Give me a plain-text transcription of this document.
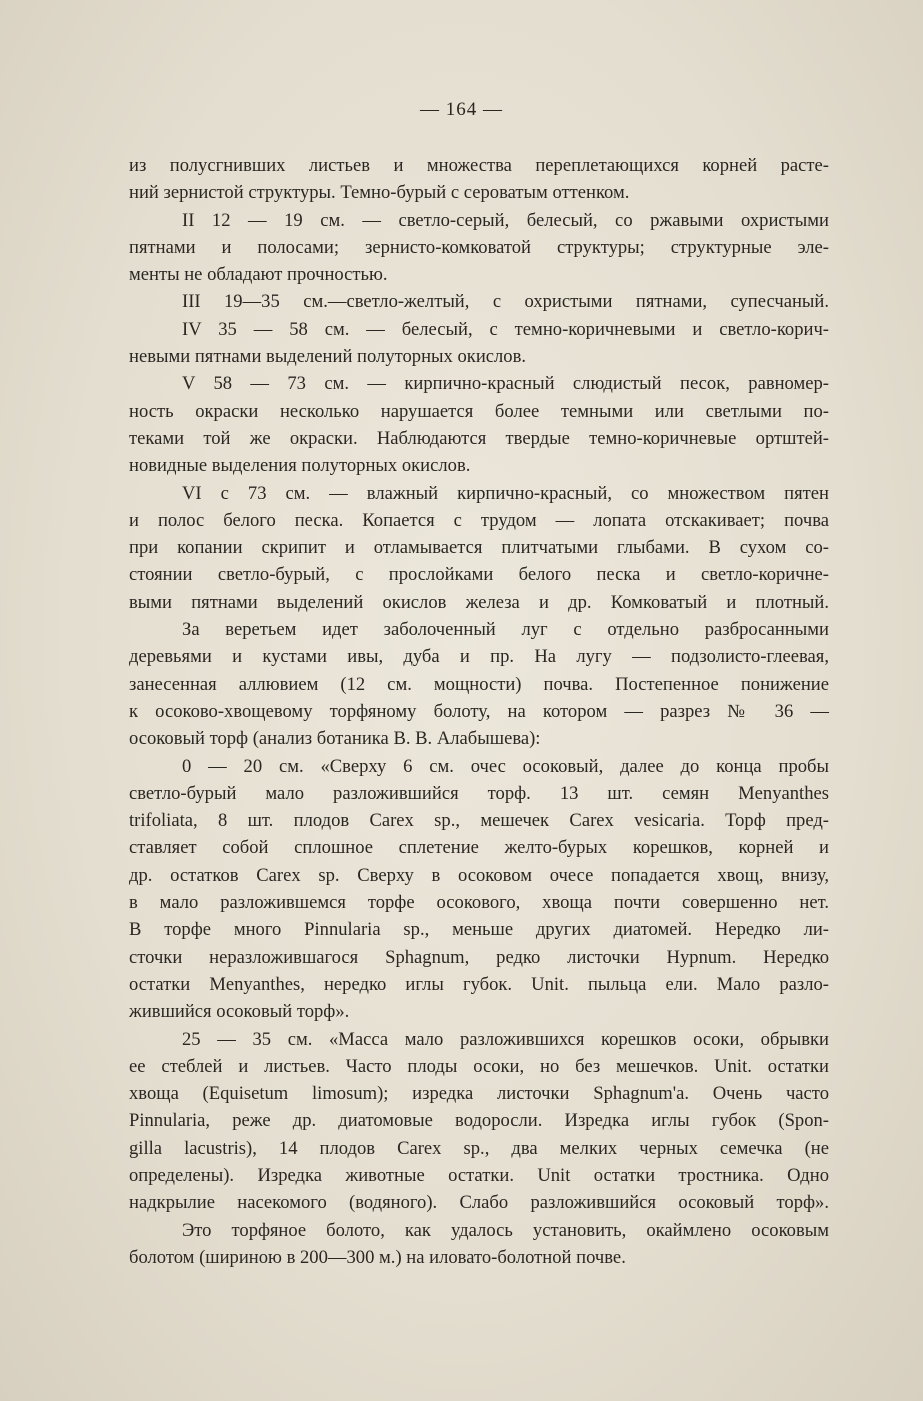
— 164 —
из полусгнивших листьев и множества переплетающихся корней расте-
ний зернистой структуры. Темно-бурый с сероватым оттенком.
II 12 — 19 см. — светло-серый, белесый, со ржавыми охристыми
пятнами и полосами; зернисто-комковатой структуры; структурные эле-
менты не обладают прочностью.
III 19—35 см.—светло-желтый, с охристыми пятнами, супесчаный.
IV 35 — 58 см. — белесый, с темно-коричневыми и светло-корич-
невыми пятнами выделений полуторных окислов.
V 58 — 73 см. — кирпично-красный слюдистый песок, равномер-
ность окраски несколько нарушается более темными или светлыми по-
теками той же окраски. Наблюдаются твердые темно-коричневые ортштей-
новидные выделения полуторных окислов.
VI с 73 см. — влажный кирпично-красный, со множеством пятен
и полос белого песка. Копается с трудом — лопата отскакивает; почва
при копании скрипит и отламывается плитчатыми глыбами. В сухом со-
стоянии светло-бурый, с прослойками белого песка и светло-коричне-
выми пятнами выделений окислов железа и др. Комковатый и плотный.
За веретьем идет заболоченный луг с отдельно разбросанными
деревьями и кустами ивы, дуба и пр. На лугу — подзолисто-глеевая,
занесенная аллювием (12 см. мощности) почва. Постепенное понижение
к осоково-хвощевому торфяному болоту, на котором — разрез № 36 —
осоковый торф (анализ ботаника В. В. Алабышева):
0 — 20 см. «Сверху 6 см. очес осоковый, далее до конца пробы
светло-бурый мало разложившийся торф. 13 шт. семян Menyanthes
trifoliata, 8 шт. плодов Carex sp., мешечек Carex vesicaria. Торф пред-
ставляет собой сплошное сплетение желто-бурых корешков, корней и
др. остатков Carex sp. Сверху в осоковом очесе попадается хвощ, внизу,
в мало разложившемся торфе осокового, хвоща почти совершенно нет.
В торфе много Pinnularia sp., меньше других диатомей. Нередко ли-
сточки неразложившагося Sphagnum, редко листочки Hypnum. Нередко
остатки Menyanthes, нередко иглы губок. Unit. пыльца ели. Мало разло-
жившийся осоковый торф».
25 — 35 см. «Масса мало разложившихся корешков осоки, обрывки
ее стеблей и листьев. Часто плоды осоки, но без мешечков. Unit. остатки
хвоща (Equisetum limosum); изредка листочки Sphagnum'a. Очень часто
Pinnularia, реже др. диатомовые водоросли. Изредка иглы губок (Spon-
gilla lacustris), 14 плодов Carex sp., два мелких черных семечка (не
определены). Изредка животные остатки. Unit остатки тростника. Одно
надкрылие насекомого (водяного). Слабо разложившийся осоковый торф».
Это торфяное болото, как удалось установить, окаймлено осоковым
болотом (шириною в 200—300 м.) на иловато-болотной почве.
